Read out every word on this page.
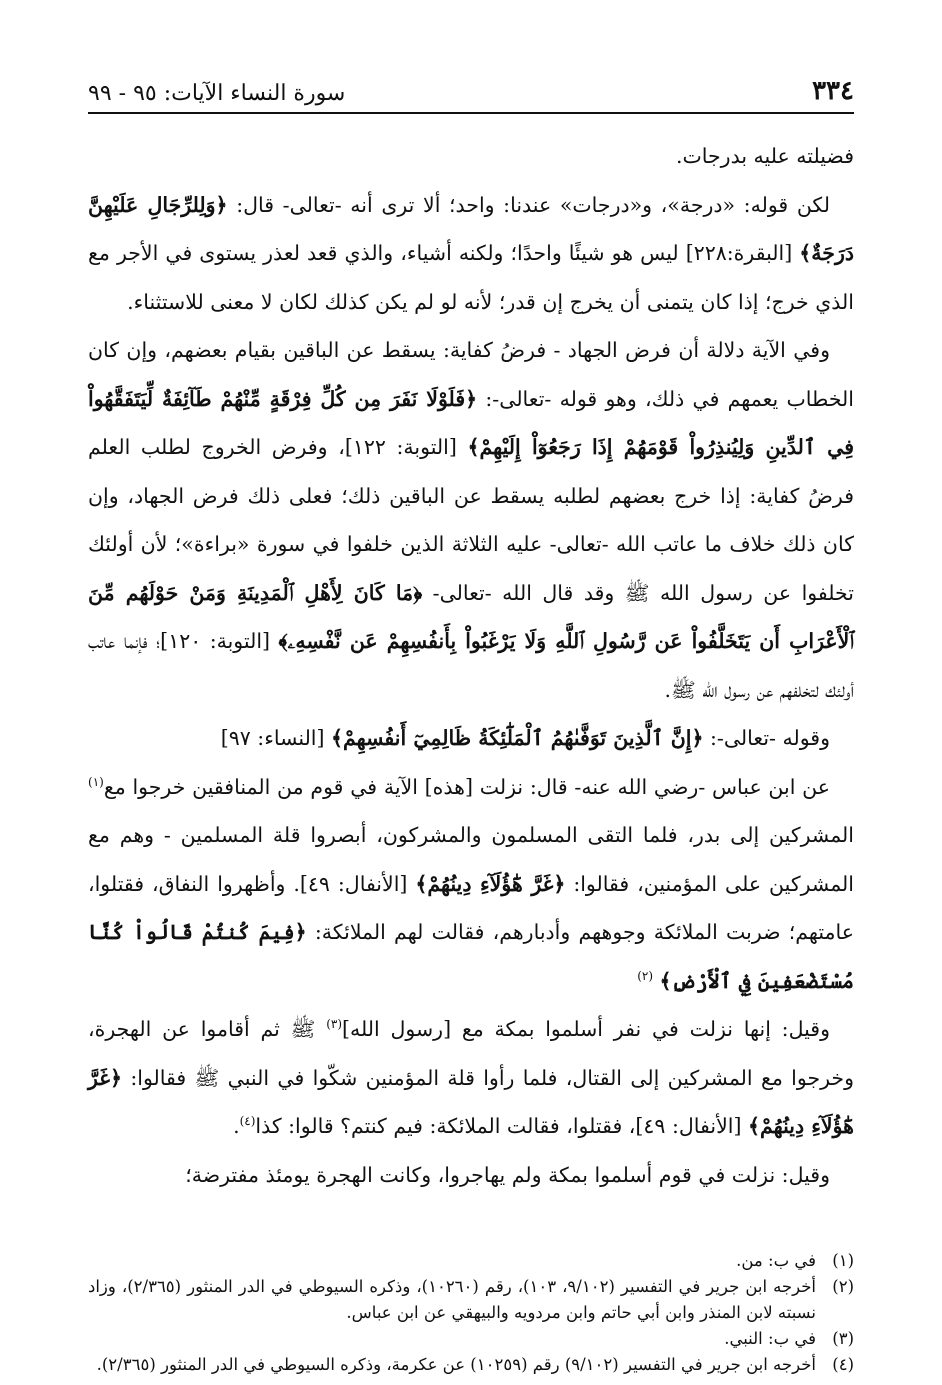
٣٣٤
سورة النساء الآيات: ٩٥ - ٩٩

فضيلته عليه بدرجات.

لكن قوله: «درجة»، و«درجات» عندنا: واحد؛ ألا ترى أنه -تعالى- قال: ﴿وَلِلرِّجَالِ عَلَيْهِنَّ دَرَجَةٌ﴾ [البقرة:٢٢٨] ليس هو شيئًا واحدًا؛ ولكنه أشياء، والذي قعد لعذر يستوى في الأجر مع الذي خرج؛ إذا كان يتمنى أن يخرج إن قدر؛ لأنه لو لم يكن كذلك لكان لا معنى للاستثناء.

وفي الآية دلالة أن فرض الجهاد - فرضُ كفاية: يسقط عن الباقين بقيام بعضهم، وإن كان الخطاب يعمهم في ذلك، وهو قوله -تعالى-: ﴿فَلَوْلَا نَفَرَ مِن كُلِّ فِرْقَةٍ مِّنْهُمْ طَآئِفَةٌ لِّيَتَفَقَّهُواْ فِي ٱلدِّينِ وَلِيُنذِرُواْ قَوْمَهُمْ إِذَا رَجَعُوٓاْ إِلَيْهِمْ﴾ [التوبة: ١٢٢]، وفرض الخروج لطلب العلم فرضُ كفاية: إذا خرج بعضهم لطلبه يسقط عن الباقين ذلك؛ فعلى ذلك فرض الجهاد، وإن كان ذلك خلاف ما عاتب الله -تعالى- عليه الثلاثة الذين خلفوا في سورة «براءة»؛ لأن أولئك تخلفوا عن رسول الله ﷺ وقد قال الله -تعالى- ﴿مَا كَانَ لِأَهْلِ ٱلْمَدِينَةِ وَمَنْ حَوْلَهُم مِّنَ ٱلْأَعْرَابِ أَن يَتَخَلَّفُواْ عَن رَّسُولِ ٱللَّهِ وَلَا يَرْغَبُواْ بِأَنفُسِهِمْ عَن نَّفْسِهِۦ﴾ [التوبة: ١٢٠]؛ فإنما عاتب أولئك لتخلفهم عن رسول الله ﷺ.

وقوله -تعالى-: ﴿إِنَّ ٱلَّذِينَ تَوَفَّىٰهُمُ ٱلْمَلَٰٓئِكَةُ ظَالِمِيٓ أَنفُسِهِمْ﴾ [النساء: ٩٧]

عن ابن عباس -رضي الله عنه- قال: نزلت [هذه] الآية في قوم من المنافقين خرجوا مع$^{(١)}$ المشركين إلى بدر، فلما التقى المسلمون والمشركون، أبصروا قلة المسلمين - وهم مع المشركين على المؤمنين، فقالوا: ﴿غَرَّ هَٰٓؤُلَآءِ دِينُهُمْ﴾ [الأنفال: ٤٩]. وأظهروا النفاق، فقتلوا، عامتهم؛ ضربت الملائكة وجوههم وأدبارهم، فقالت لهم الملائكة: ﴿فِيمَ كُنتُمْ قَالُواْ كُنَّا مُسْتَضْعَفِينَ فِي ٱلْأَرْضِ﴾ $^{(٢)}$

وقيل: إنها نزلت في نفر أسلموا بمكة مع [رسول الله]$^{(٣)}$ ﷺ ثم أقاموا عن الهجرة، وخرجوا مع المشركين إلى القتال، فلما رأوا قلة المؤمنين شكّوا في النبي ﷺ فقالوا: ﴿غَرَّ هَٰٓؤُلَآءِ دِينُهُمْ﴾ [الأنفال: ٤٩]، فقتلوا، فقالت الملائكة: فيم كنتم؟ قالوا: كذا$^{(٤)}$.

وقيل: نزلت في قوم أسلموا بمكة ولم يهاجروا، وكانت الهجرة يومئذ مفترضة؛

(١)
في ب: من.
(٢)
أخرجه ابن جرير في التفسير (٩/١٠٢، ١٠٣)، رقم (١٠٢٦٠)، وذكره السيوطي في الدر المنثور (٢/٣٦٥)، وزاد نسبته لابن المنذر وابن أبي حاتم وابن مردويه والبيهقي عن ابن عباس.
(٣)
في ب: النبي.
(٤)
أخرجه ابن جرير في التفسير (٩/١٠٢) رقم (١٠٢٥٩) عن عكرمة، وذكره السيوطي في الدر المنثور (٢/٣٦٥).
